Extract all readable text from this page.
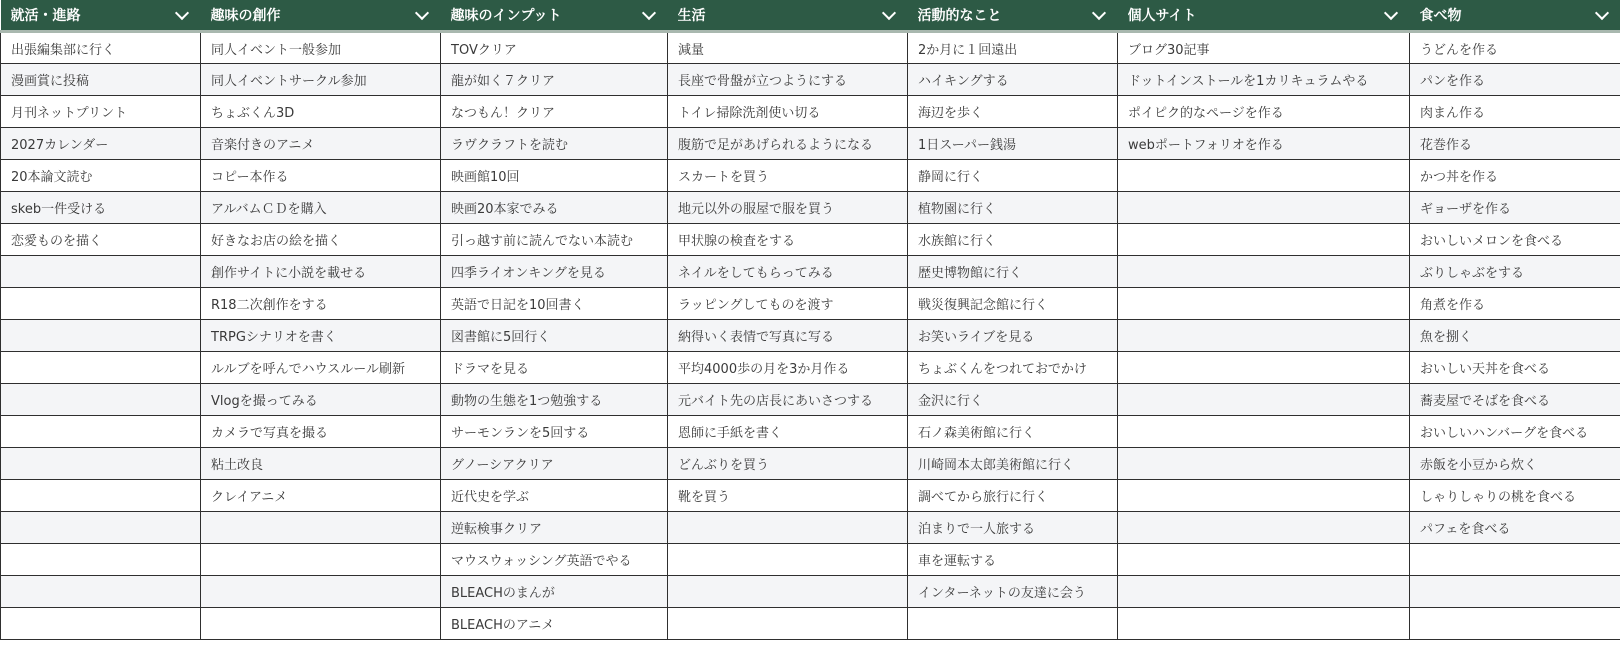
就活・進路	趣味の創作	趣味のインプット	生活	活動的なこと	個人サイト	食べ物

出張編集部に行く	同人イベント一般参加	TOVクリア	減量	2か月に１回遠出	ブログ30記事	うどんを作る
漫画賞に投稿	同人イベントサークル参加	龍が如く７クリア	長座で骨盤が立つようにする	ハイキングする	ドットインストールを1カリキュラムやる	パンを作る
月刊ネットプリント	ちょぶくん3D	なつもん！クリア	トイレ掃除洗剤使い切る	海辺を歩く	ポイピク的なページを作る	肉まん作る
2027カレンダー	音楽付きのアニメ	ラヴクラフトを読む	腹筋で足があげられるようになる	1日スーパー銭湯	webポートフォリオを作る	花巻作る
20本論文読む	コピー本作る	映画館10回	スカートを買う	静岡に行く		かつ丼を作る
skeb一件受ける	アルバムＣＤを購入	映画20本家でみる	地元以外の服屋で服を買う	植物園に行く		ギョーザを作る
恋愛ものを描く	好きなお店の絵を描く	引っ越す前に読んでない本読む	甲状腺の検査をする	水族館に行く		おいしいメロンを食べる
	創作サイトに小説を載せる	四季ライオンキングを見る	ネイルをしてもらってみる	歴史博物館に行く		ぶりしゃぶをする
	R18二次創作をする	英語で日記を10回書く	ラッピングしてものを渡す	戦災復興記念館に行く		角煮を作る
	TRPGシナリオを書く	図書館に5回行く	納得いく表情で写真に写る	お笑いライブを見る		魚を捌く
	ルルブを呼んでハウスルール刷新	ドラマを見る	平均4000歩の月を3か月作る	ちょぶくんをつれておでかけ		おいしい天丼を食べる
	Vlogを撮ってみる	動物の生態を1つ勉強する	元バイト先の店長にあいさつする	金沢に行く		蕎麦屋でそばを食べる
	カメラで写真を撮る	サーモンランを5回する	恩師に手紙を書く	石ノ森美術館に行く		おいしいハンバーグを食べる
	粘土改良	グノーシアクリア	どんぶりを買う	川崎岡本太郎美術館に行く		赤飯を小豆から炊く
	クレイアニメ	近代史を学ぶ	靴を買う	調べてから旅行に行く		しゃりしゃりの桃を食べる
		逆転検事クリア		泊まりで一人旅する		パフェを食べる
		マウスウォッシング英語でやる		車を運転する		
		BLEACHのまんが		インターネットの友達に会う		
		BLEACHのアニメ				
